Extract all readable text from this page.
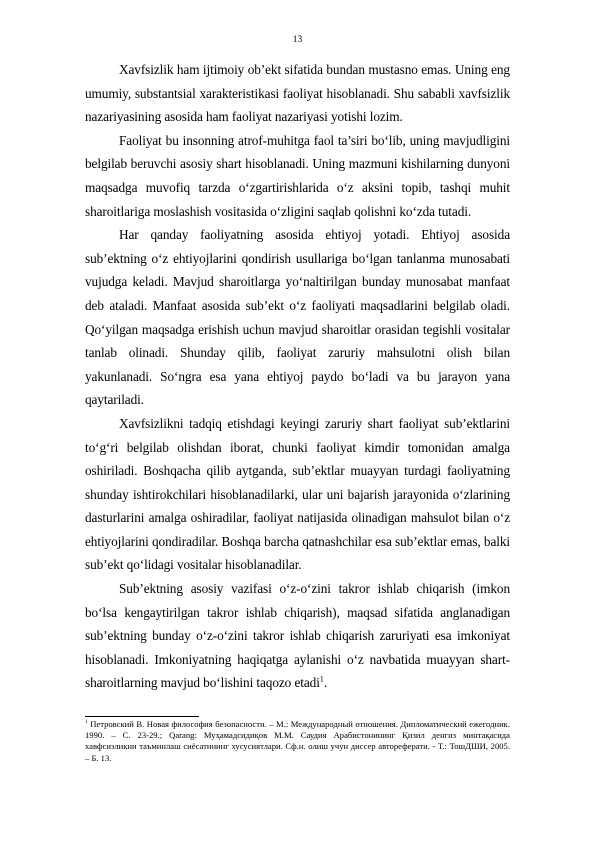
13

Xavfsizlik ham ijtimoiy ob’ekt sifatida bundan mustasno emas. Uning eng umumiy, substantsial xarakteristikasi faoliyat hisoblanadi. Shu sababli xavfsizlik nazariyasining asosida ham faoliyat nazariyasi yotishi lozim.

Faoliyat bu insonning atrof-muhitga faol ta’siri bo‘lib, uning mavjudligini belgilab beruvchi asosiy shart hisoblanadi. Uning mazmuni kishilarning dunyoni maqsadga muvofiq tarzda o‘zgartirishlarida o‘z aksini topib, tashqi muhit sharoitlariga moslashish vositasida o‘zligini saqlab qolishni ko‘zda tutadi.

Har qanday faoliyatning asosida ehtiyoj yotadi. Ehtiyoj asosida sub’ektning o‘z ehtiyojlarini qondirish usullariga bo‘lgan tanlanma munosabati vujudga keladi. Mavjud sharoitlarga yo‘naltirilgan bunday munosabat manfaat deb ataladi. Manfaat asosida sub’ekt o‘z faoliyati maqsadlarini belgilab oladi. Qo‘yilgan maqsadga erishish uchun mavjud sharoitlar orasidan tegishli vositalar tanlab olinadi. Shunday qilib, faoliyat zaruriy mahsulotni olish bilan yakunlanadi. So‘ngra esa yana ehtiyoj paydo bo‘ladi va bu jarayon yana qaytariladi.

Xavfsizlikni tadqiq etishdagi keyingi zaruriy shart faoliyat sub’ektlarini to‘g‘ri belgilab olishdan iborat, chunki faoliyat kimdir tomonidan amalga oshiriladi. Boshqacha qilib aytganda, sub’ektlar muayyan turdagi faoliyatning shunday ishtirokchilari hisoblanadilarki, ular uni bajarish jarayonida o‘zlarining dasturlarini amalga oshiradilar, faoliyat natijasida olinadigan mahsulot bilan o‘z ehtiyojlarini qondiradilar. Boshqa barcha qatnashchilar esa sub’ektlar emas, balki sub’ekt qo‘lidagi vositalar hisoblanadilar.

Sub’ektning asosiy vazifasi o‘z-o‘zini takror ishlab chiqarish (imkon bo‘lsa kengaytirilgan takror ishlab chiqarish), maqsad sifatida anglanadigan sub’ektning bunday o‘z-o‘zini takror ishlab chiqarish zaruriyati esa imkoniyat hisoblanadi. Imkoniyatning haqiqatga aylanishi o‘z navbatida muayyan shart-sharoitlarning mavjud bo‘lishini taqozo etadi$^1$.

$^1$ Петровский В. Новая философия безопасности. – М.: Международный отношения. Дипломатический ежегодник. 1990. – С. 23-29.; Qarang: Муҳамадсидиқов М.М. Саудия Арабистонининг Қизил денгиз минтақасида хавфсизликни таъминлаш сиёсатининг хусусиятлари. Сф.н. олиш учун диссер автореферати. - Т.: ТошДШИ, 2005. – Б. 13.
